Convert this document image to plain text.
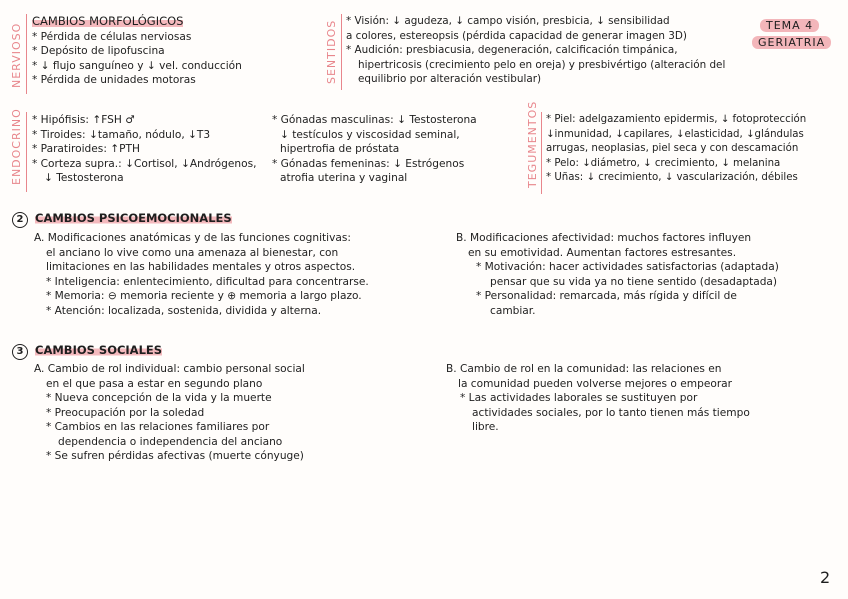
NERVIOSO	SENTIDOS
ENDOCRINO	TEGUMENTOS
TEMA 4
GERIATRIA
CAMBIOS MORFOLÓGICOS
* Pérdida de células nerviosas
* Depósito de lipofuscina
* ↓ flujo sanguíneo y ↓ vel. conducción
* Pérdida de unidades motoras
* Visión: ↓ agudeza, ↓ campo visión, presbicia, ↓ sensibilidad
a colores, estereopsis (pérdida capacidad de generar imagen 3D)
* Audición: presbiacusia, degeneración, calcificación timpánica,
hipertricosis (crecimiento pelo en oreja) y presbivértigo (alteración del
equilibrio por alteración vestibular)
* Hipófisis: ↑FSH ♂
* Tiroides: ↓tamaño, nódulo, ↓T3
* Paratiroides: ↑PTH
* Corteza supra.: ↓Cortisol, ↓Andrógenos,
↓ Testosterona
* Gónadas masculinas: ↓ Testosterona
↓ testículos y viscosidad seminal,
hipertrofia de próstata
* Gónadas femeninas: ↓ Estrógenos
atrofia uterina y vaginal
* Piel: adelgazamiento epidermis, ↓ fotoprotección
↓inmunidad, ↓capilares, ↓elasticidad, ↓glándulas
arrugas, neoplasias, piel seca y con descamación
* Pelo: ↓diámetro, ↓ crecimiento, ↓ melanina
* Uñas: ↓ crecimiento, ↓ vascularización, débiles
2 CAMBIOS PSICOEMOCIONALES
A. Modificaciones anatómicas y de las funciones cognitivas:
el anciano lo vive como una amenaza al bienestar, con
limitaciones en las habilidades mentales y otros aspectos.
* Inteligencia: enlentecimiento, dificultad para concentrarse.
* Memoria: ⊖ memoria reciente y ⊕ memoria a largo plazo.
* Atención: localizada, sostenida, dividida y alterna.
B. Modificaciones afectividad: muchos factores influyen
en su emotividad. Aumentan factores estresantes.
* Motivación: hacer actividades satisfactorias (adaptada)
pensar que su vida ya no tiene sentido (desadaptada)
* Personalidad: remarcada, más rígida y difícil de
cambiar.
3 CAMBIOS SOCIALES
A. Cambio de rol individual: cambio personal social
en el que pasa a estar en segundo plano
* Nueva concepción de la vida y la muerte
* Preocupación por la soledad
* Cambios en las relaciones familiares por
dependencia o independencia del anciano
* Se sufren pérdidas afectivas (muerte cónyuge)
B. Cambio de rol en la comunidad: las relaciones en
la comunidad pueden volverse mejores o empeorar
* Las actividades laborales se sustituyen por
actividades sociales, por lo tanto tienen más tiempo
libre.
2
